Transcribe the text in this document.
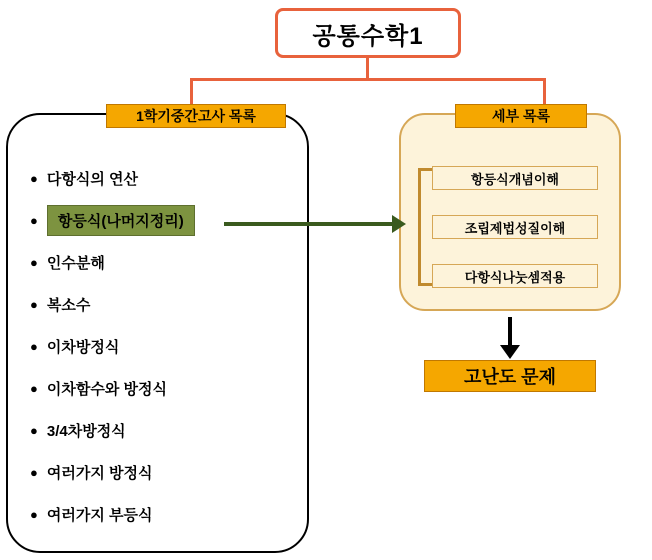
공통수학1
● 다항식의 연산
●	항등식(나머지정리)
● 인수분해
● 복소수
● 이차방정식
● 이차함수와 방정식
● 3/4차방정식
● 여러가지 방정식
● 여러가지 부등식
1학기중간고사 목록	세부 목록
항등식개념이해
조립제법성질이해
다항식나눗셈적용
고난도 문제
